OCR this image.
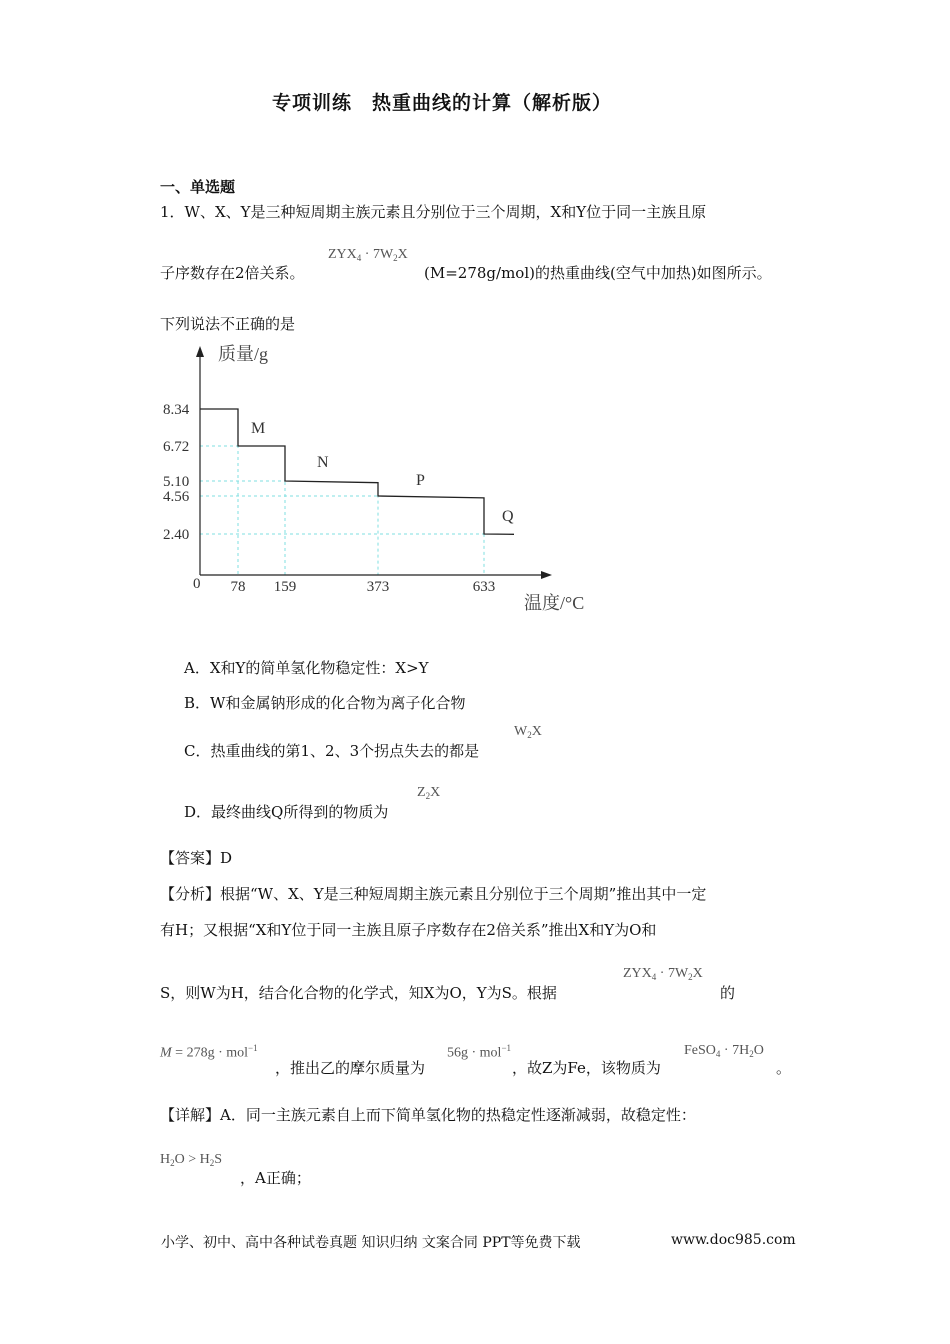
专项训练　热重曲线的计算（解析版）
一、单选题
1．W、X、Y是三种短周期主族元素且分别位于三个周期，X和Y位于同一主族且原
子序数存在2倍关系。
$ZYX_4 \cdot 7W_2X$
(M=278g/mol)的热重曲线(空气中加热)如图所示。
下列说法不正确的是
质量/g
温度/°C
0 78 159	373	633
8.34
6.72
5.10
4.56
2.40
M
N
P
Q
A．X和Y的简单氢化物稳定性：X>Y
B．W和金属钠形成的化合物为离子化合物
C．热重曲线的第1、2、3个拐点失去的都是
$W_2X$
D．最终曲线Q所得到的物质为
$Z_2X$
【答案】D
【分析】根据“W、X、Y是三种短周期主族元素且分别位于三个周期”推出其中一定
有H；又根据“X和Y位于同一主族且原子序数存在2倍关系”推出X和Y为O和
S，则W为H，结合化合物的化学式，知X为O，Y为S。根据
$ZYX_4 \cdot 7W_2X$
的
M = 278g · mol$^{-1}$
，推出乙的摩尔质量为
56g · mol$^{-1}$
，故Z为Fe，该物质为
FeSO$_4$ · $7H_2O$
。
【详解】A．同一主族元素自上而下简单氢化物的热稳定性逐渐减弱，故稳定性：
$H_2O > H_2S$
，A正确；
小学、初中、高中各种试卷真题 知识归纳 文案合同 PPT等免费下载	www.doc985.com
